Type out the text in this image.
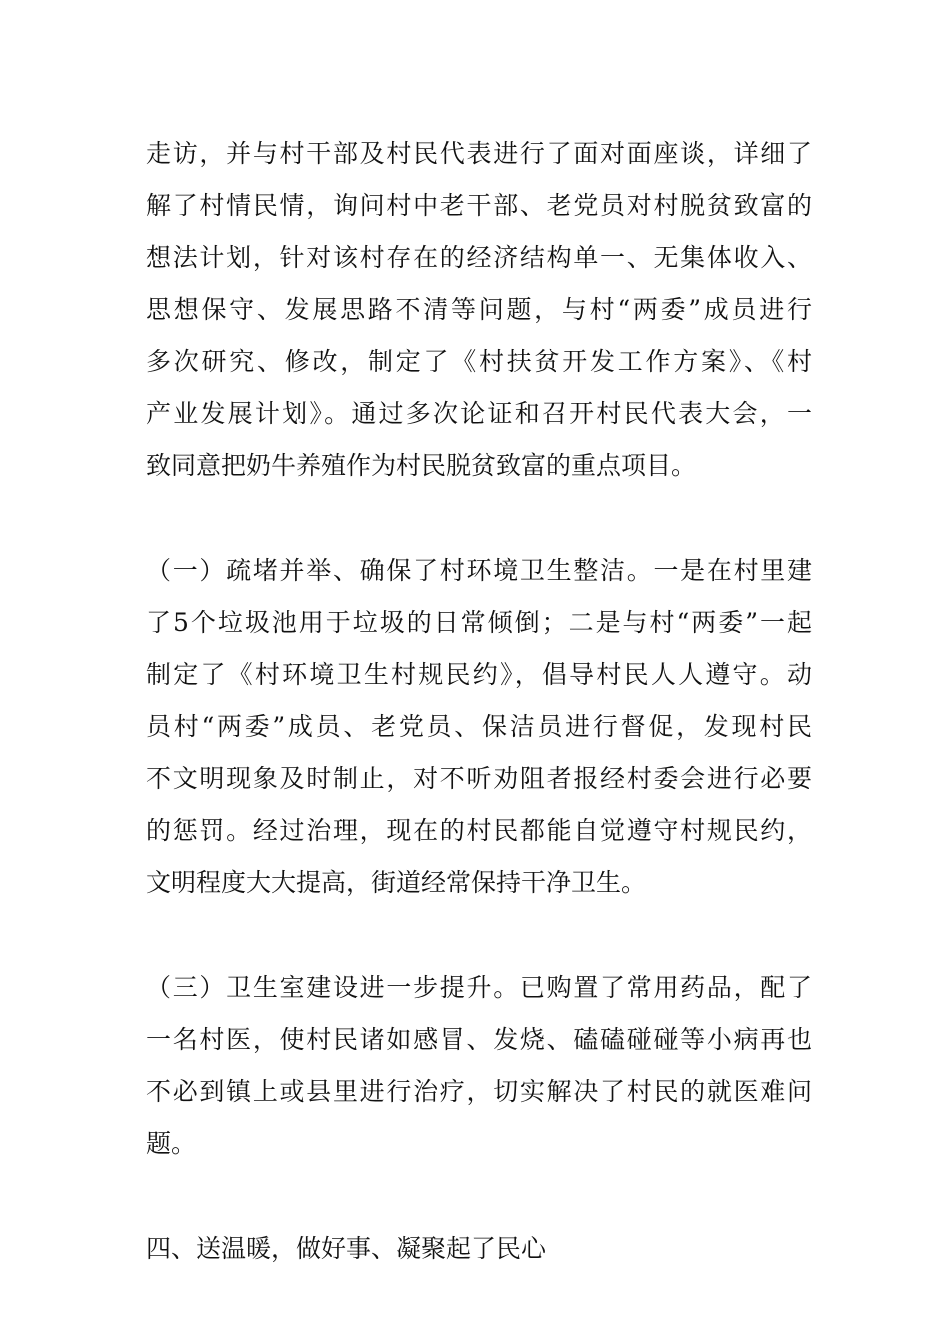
走访，并与村干部及村民代表进行了面对面座谈，详细了
解了村情民情，询问村中老干部、老党员对村脱贫致富的
想法计划，针对该村存在的经济结构单一、无集体收入、
思想保守、发展思路不清等问题，与村“两委”成员进行
多次研究、修改，制定了《村扶贫开发工作方案》、《村
产业发展计划》。通过多次论证和召开村民代表大会，一
致同意把奶牛养殖作为村民脱贫致富的重点项目。
（一）疏堵并举、确保了村环境卫生整洁。一是在村里建
了5个垃圾池用于垃圾的日常倾倒；二是与村“两委”一起
制定了《村环境卫生村规民约》，倡导村民人人遵守。动
员村“两委”成员、老党员、保洁员进行督促，发现村民
不文明现象及时制止，对不听劝阻者报经村委会进行必要
的惩罚。经过治理，现在的村民都能自觉遵守村规民约，
文明程度大大提高，街道经常保持干净卫生。
（三）卫生室建设进一步提升。已购置了常用药品，配了
一名村医，使村民诸如感冒、发烧、磕磕碰碰等小病再也
不必到镇上或县里进行治疗，切实解决了村民的就医难问
题。
四、送温暖，做好事、凝聚起了民心
